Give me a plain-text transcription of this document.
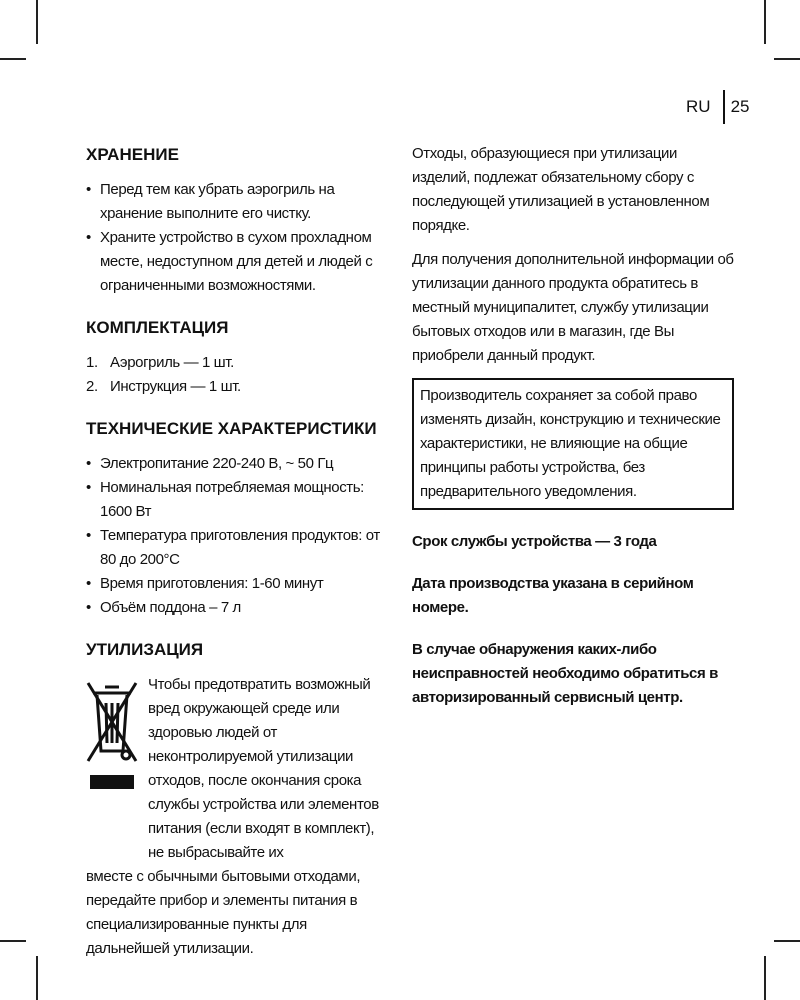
RU 25
ХРАНЕНИЕ
• Перед тем как убрать аэрогриль на хранение выполните его чистку.
• Храните устройство в сухом прохладном месте, недоступном для детей и людей с ограниченными возможностями.
КОМПЛЕКТАЦИЯ
1. Аэрогриль — 1 шт.
2. Инструкция — 1 шт.
ТЕХНИЧЕСКИЕ ХАРАКТЕРИСТИКИ
• Электропитание 220-240 В, ~ 50 Гц
• Номинальная потребляемая мощность: 1600 Вт
• Температура приготовления продуктов: от 80 до 200°С
• Время приготовления: 1-60 минут
• Объём поддона – 7 л
УТИЛИЗАЦИЯ

Чтобы предотвратить возможный вред окружающей среде или здоровью людей от неконтролируемой утилизации отходов, после окончания срока службы устройства или элементов питания (если входят в комплект), не выбрасывайте их

вместе с обычными бытовыми отходами, передайте прибор и элементы питания в специализированные пункты для дальнейшей утилизации.

Отходы, образующиеся при утилизации изделий, подлежат обязательному сбору с последующей утилизацией в установленном порядке.

Для получения дополнительной информации об утилизации данного продукта обратитесь в местный муниципалитет, службу утилизации бытовых отходов или в магазин, где Вы приобрели данный продукт.

Производитель сохраняет за собой право изменять дизайн, конструкцию и технические характеристики, не влияющие на общие принципы работы устройства, без предварительного уведомления.

Срок службы устройства — 3 года

Дата производства указана в серийном номере.

В случае обнаружения каких-либо неисправностей необходимо обратиться в авторизированный сервисный центр.
